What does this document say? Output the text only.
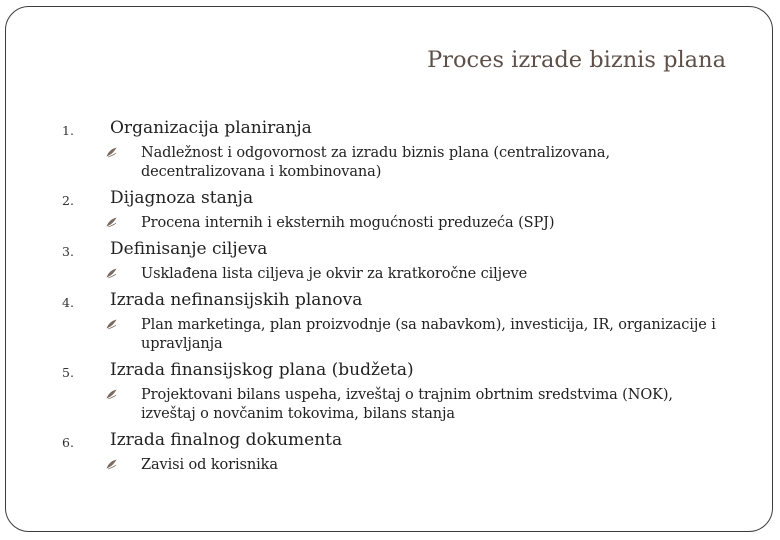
Proces izrade biznis plana
1. Organizacija planiranja
Nadležnost i odgovornost za izradu biznis plana (centralizovana, decentralizovana i kombinovana)
2. Dijagnoza stanja
Procena internih i eksternih mogućnosti preduzeća (SPJ)
3. Definisanje ciljeva
Usklađena lista ciljeva je okvir za kratkoročne ciljeve
4. Izrada nefinansijskih planova
Plan marketinga, plan proizvodnje (sa nabavkom), investicija, IR, organizacije i upravljanja
5. Izrada finansijskog plana (budžeta)
Projektovani bilans uspeha, izveštaj o trajnim obrtnim sredstvima (NOK), izveštaj o novčanim tokovima, bilans stanja
6. Izrada finalnog dokumenta
Zavisi od korisnika
